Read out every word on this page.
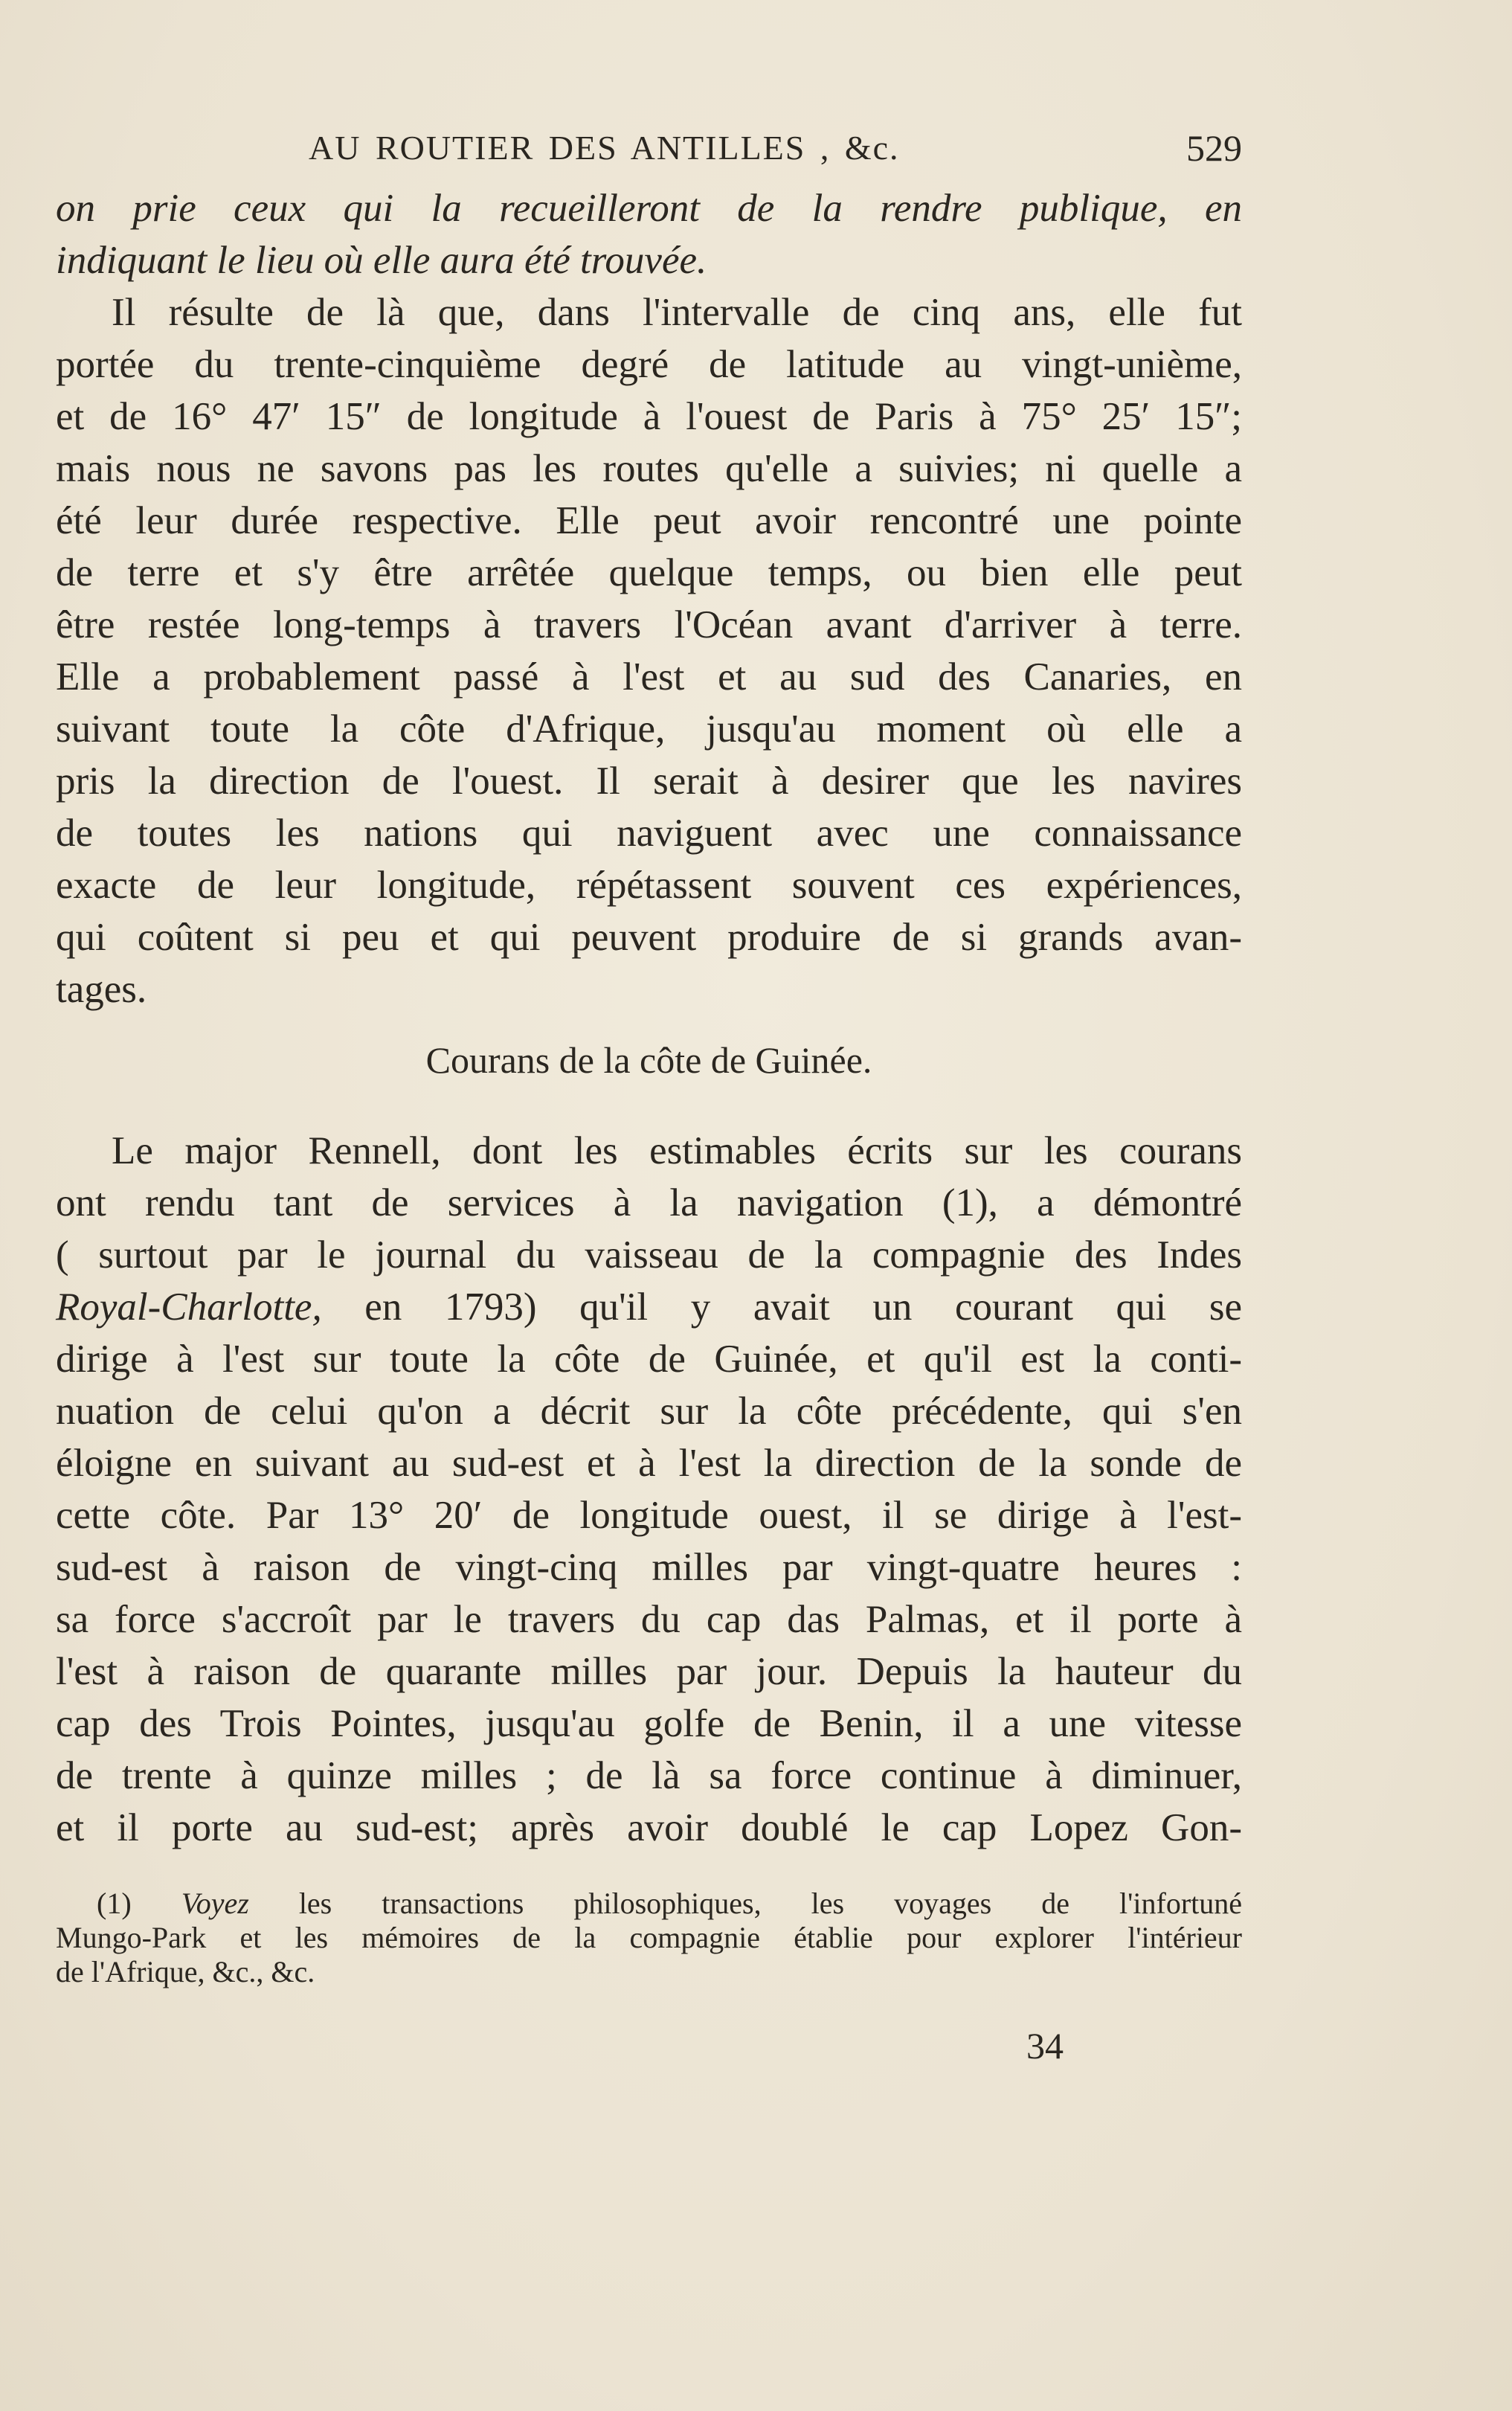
AU ROUTIER DES ANTILLES , &c.	529
on prie ceux qui la recueilleront de la rendre publique, en
indiquant le lieu où elle aura été trouvée.
Il résulte de là que, dans l'intervalle de cinq ans, elle fut
portée du trente-cinquième degré de latitude au vingt-unième,
et de 16° 47′ 15″ de longitude à l'ouest de Paris à 75° 25′ 15″;
mais nous ne savons pas les routes qu'elle a suivies; ni quelle a
été leur durée respective. Elle peut avoir rencontré une pointe
de terre et s'y être arrêtée quelque temps, ou bien elle peut
être restée long-temps à travers l'Océan avant d'arriver à terre.
Elle a probablement passé à l'est et au sud des Canaries, en
suivant toute la côte d'Afrique, jusqu'au moment où elle a
pris la direction de l'ouest. Il serait à desirer que les navires
de toutes les nations qui naviguent avec une connaissance
exacte de leur longitude, répétassent souvent ces expériences,
qui coûtent si peu et qui peuvent produire de si grands avan-
tages.
Courans de la côte de Guinée.
Le major Rennell, dont les estimables écrits sur les courans
ont rendu tant de services à la navigation (1), a démontré
( surtout par le journal du vaisseau de la compagnie des Indes
Royal-Charlotte, en 1793) qu'il y avait un courant qui se
dirige à l'est sur toute la côte de Guinée, et qu'il est la conti-
nuation de celui qu'on a décrit sur la côte précédente, qui s'en
éloigne en suivant au sud-est et à l'est la direction de la sonde de
cette côte. Par 13° 20′ de longitude ouest, il se dirige à l'est-
sud-est à raison de vingt-cinq milles par vingt-quatre heures :
sa force s'accroît par le travers du cap das Palmas, et il porte à
l'est à raison de quarante milles par jour. Depuis la hauteur du
cap des Trois Pointes, jusqu'au golfe de Benin, il a une vitesse
de trente à quinze milles ; de là sa force continue à diminuer,
et il porte au sud-est; après avoir doublé le cap Lopez Gon-
(1) Voyez les transactions philosophiques, les voyages de l'infortuné
Mungo-Park et les mémoires de la compagnie établie pour explorer l'intérieur
de l'Afrique, &c., &c.
34
